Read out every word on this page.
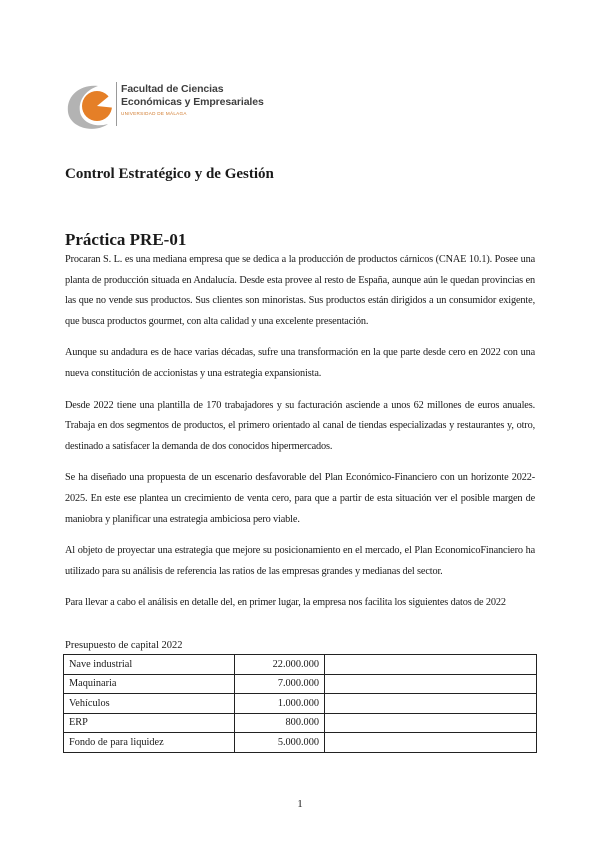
Facultad de Ciencias
Económicas y Empresariales
UNIVERSIDAD DE MÁLAGA
Control Estratégico y de Gestión
Práctica PRE-01

Procaran S. L. es una mediana empresa que se dedica a la producción de productos cárnicos (CNAE 10.1). Posee una planta de producción situada en Andalucía. Desde esta provee al resto de España, aunque aún le quedan provincias en las que no vende sus productos. Sus clientes son minoristas. Sus productos están dirigidos a un consumidor exigente, que busca productos gourmet, con alta calidad y una excelente presentación.

Aunque su andadura es de hace varias décadas, sufre una transformación en la que parte desde cero en 2022 con una nueva constitución de accionistas y una estrategia expansionista.

Desde 2022 tiene una plantilla de 170 trabajadores y su facturación asciende a unos 62 millones de euros anuales. Trabaja en dos segmentos de productos, el primero orientado al canal de tiendas especializadas y restaurantes y, otro, destinado a satisfacer la demanda de dos conocidos hipermercados.

Se ha diseñado una propuesta de un escenario desfavorable del Plan Económico-Financiero con un horizonte 2022-2025. En este ese plantea un crecimiento de venta cero, para que a partir de esta situación ver el posible margen de maniobra y planificar una estrategia ambiciosa pero viable.

Al objeto de proyectar una estrategia que mejore su posicionamiento en el mercado, el Plan EconomicoFinanciero ha utilizado para su análisis de referencia las ratios de las empresas grandes y medianas del sector.

Para llevar a cabo el análisis en detalle del, en primer lugar, la empresa nos facilita los siguientes datos de 2022

Presupuesto de capital 2022
Nave industrial	22.000.000	
Maquinaria	7.000.000	
Vehículos	1.000.000	
ERP	800.000	
Fondo de para liquidez	5.000.000	
1
